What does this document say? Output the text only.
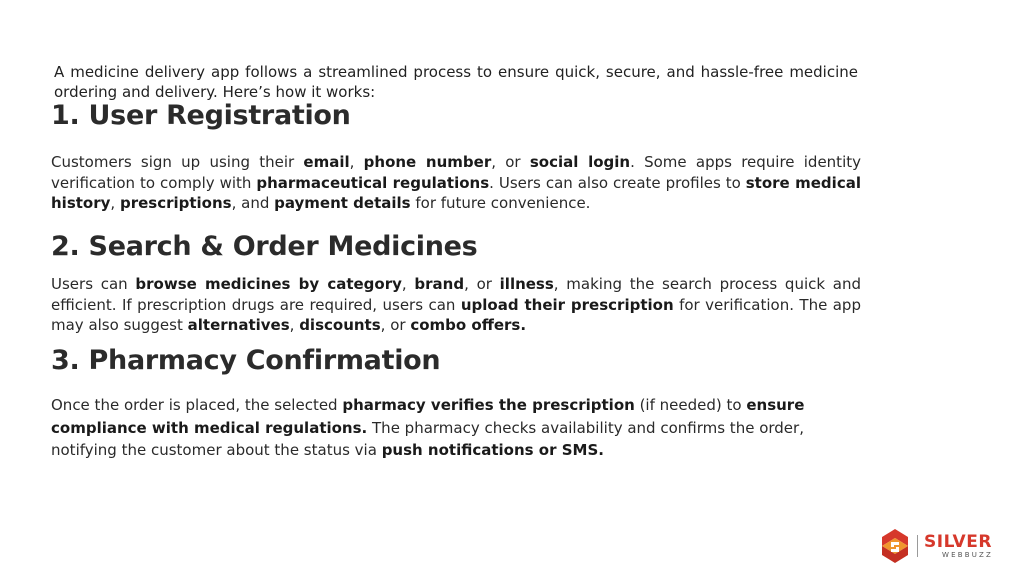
A medicine delivery app follows a streamlined process to ensure quick, secure, and hassle-free medicine ordering and delivery. Here’s how it works:

1. User Registration

Customers sign up using their email, phone number, or social login. Some apps require identity verification to comply with pharmaceutical regulations. Users can also create profiles to store medical history, prescriptions, and payment details for future convenience.

2. Search & Order Medicines

Users can browse medicines by category, brand, or illness, making the search process quick and efficient. If prescription drugs are required, users can upload their prescription for verification. The app may also suggest alternatives, discounts, or combo offers.

3. Pharmacy Confirmation

Once the order is placed, the selected pharmacy verifies the prescription (if needed) to ensure compliance with medical regulations. The pharmacy checks availability and confirms the order, notifying the customer about the status via push notifications or SMS.

SILVER
WEBBUZZ
